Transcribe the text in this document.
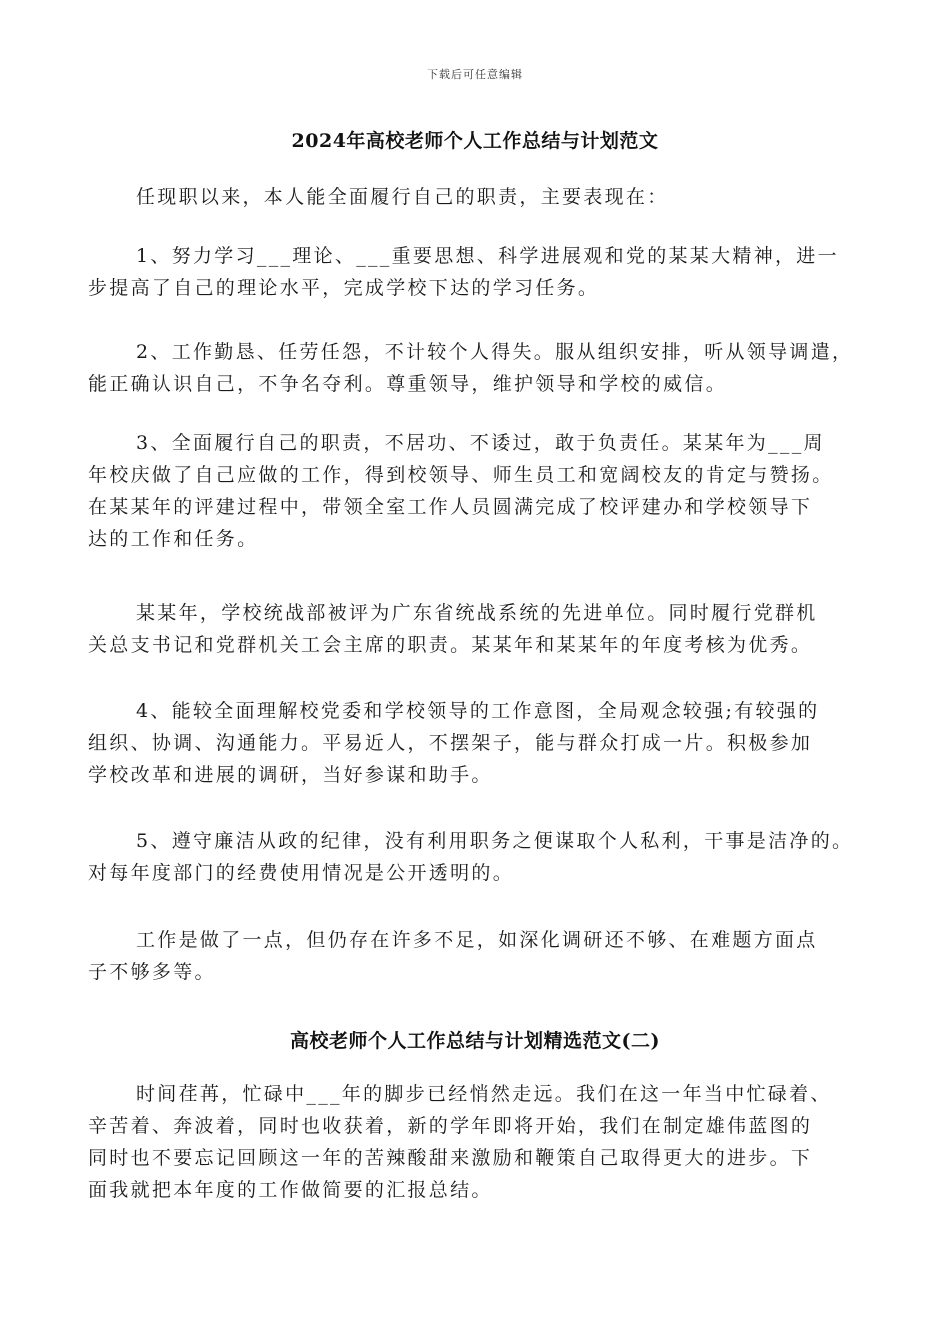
下载后可任意编辑
2024年高校老师个人工作总结与计划范文
任现职以来，本人能全面履行自己的职责，主要表现在：
1、努力学习___理论、___重要思想、科学进展观和党的某某大精神，进一
步提高了自己的理论水平，完成学校下达的学习任务。
2、工作勤恳、任劳任怨，不计较个人得失。服从组织安排，听从领导调遣，
能正确认识自己，不争名夺利。尊重领导，维护领导和学校的威信。
3、全面履行自己的职责，不居功、不诿过，敢于负责任。某某年为___周
年校庆做了自己应做的工作，得到校领导、师生员工和宽阔校友的肯定与赞扬。
在某某年的评建过程中，带领全室工作人员圆满完成了校评建办和学校领导下
达的工作和任务。
某某年，学校统战部被评为广东省统战系统的先进单位。同时履行党群机
关总支书记和党群机关工会主席的职责。某某年和某某年的年度考核为优秀。
4、能较全面理解校党委和学校领导的工作意图，全局观念较强;有较强的
组织、协调、沟通能力。平易近人，不摆架子，能与群众打成一片。积极参加
学校改革和进展的调研，当好参谋和助手。
5、遵守廉洁从政的纪律，没有利用职务之便谋取个人私利，干事是洁净的。
对每年度部门的经费使用情况是公开透明的。
工作是做了一点，但仍存在许多不足，如深化调研还不够、在难题方面点
子不够多等。
高校老师个人工作总结与计划精选范文(二)
时间荏苒，忙碌中___年的脚步已经悄然走远。我们在这一年当中忙碌着、
辛苦着、奔波着，同时也收获着，新的学年即将开始，我们在制定雄伟蓝图的
同时也不要忘记回顾这一年的苦辣酸甜来激励和鞭策自己取得更大的进步。下
面我就把本年度的工作做简要的汇报总结。
